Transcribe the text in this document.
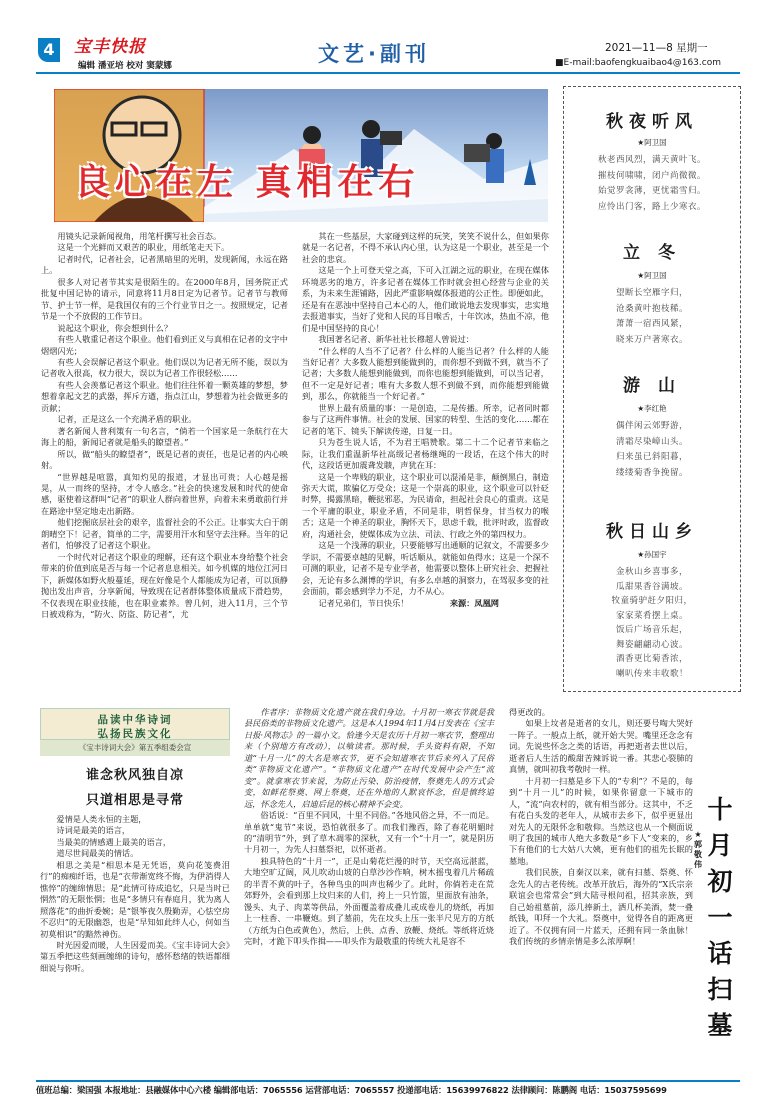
4	宝丰快报
编辑 潘亚培 校对 窦蒙娜	文艺·副刊	2021—11—8 星期一
■E-mail:baofengkuaibao4@163.com
良心在左 真相在右

用镜头记录新闻视角，用笔杆撰写社会百态。

这是一个光鲜而又艰苦的职业，用纸笔走天下。

记者时代，记者社会，记者黑暗里的光明，发现新闻，永远在路上。

很多人对记者节其实是很陌生的。在2000年8月，国务院正式批复中国记协的请示，同意将11月8日定为记者节。记者节与教师节、护士节一样，是我国仅有的三个行业节日之一。按照规定，记者节是一个不放假的工作节日。

说起这个职业，你会想到什么？

有些人敬重记者这个职业。他们看到正义与真相在记者的文字中熠熠闪光；

有些人会误解记者这个职业。他们误以为记者无所不能，误以为记者收入很高，权力很大，误以为记者工作很轻松……

有些人会羡慕记者这个职业。他们往往怀着一颗英雄的梦想，梦想着拿起文艺的武器，挥斥方遒，指点江山，梦想着为社会做更多的贡献；

记者，正是这么一个充满矛盾的职业。

著名新闻人普利策有一句名言，“倘若一个国家是一条航行在大海上的船，新闻记者就是船头的瞭望者。”

所以，做“船头的瞭望者”，既是记者的责任，也是记者的内心映射。

“世界越是喧嚣，真知灼见的报道，才显出可贵；人心越是摇晃，从一而终的坚持，才令人感念。”社会的快速发展和时代的使命感，驱使着这群叫“记者”的职业人群向着世界，向着未来勇敢前行并在路途中坚定地走出新路。

他们挖掘底层社会的艰辛，监督社会的不公正。让事实大白于朗朗晴空下！记者，简单的二字，需要用汗水和坚守去注释。当年的记者们，怕够没了记者这个职业。

一个时代对记者这个职业的理解，还有这个职业本身给整个社会带来的价值到底是否与每一个记者息息相关。如今机媒的地位江河日下，新媒体如野火般蔓延，现在好像是个人都能成为记者，可以顶静抛出发出声音，分享新闻，导致现在记者群体整体质量成下滑趋势，不仅表现在职业技能，也在职业素养。曾几何，进入11月，三个节日被戏称为，“防火、防盗、防记者”，尤

其在一些基层，大家碰到这样的玩笑，笑笑不说什么，但如果你就是一名记者，不得不承认内心里，认为这是一个职业，甚至是一个社会的悲哀。

这是一个上可登天堂之高，下可入江湖之远的职业，在现在媒体环境恶劣的地方，许多记者在媒体工作时就会担心经营与企业的关系，为未来生涯铺路，因此严重影响媒体报道的公正性。即便如此，还是有在恶浊中坚持自己本心的人，他们敢说地去发现事实，忠实地去报道事实，当好了党和人民的耳目喉舌，十年饮冰，热血不凉，他们是中国坚持的良心！

我国著名记者、新华社社长穆超人曾说过：

“什么样的人当不了记者？什么样的人能当记者？什么样的人能当好记者？大多数人能想到能做到的，而你想不到做不到，就当不了记者；大多数人能想到能做到，而你也能想到能做到，可以当记者，但不一定是好记者；唯有大多数人想不到做不到，而你能想到能做到，那么，你就能当一个好记者。”

世界上最有质量的事：一是创造，二是传播。所幸，记者同时都参与了这两件事情。社会的发展、国家的转型、生活的变化……都在记者的笔下、镜头下解读传递，日复一日。

只为苍生说人话，不为君王唱赞歌。第二十二个记者节来临之际，让我们重温新华社高级记者杨继绳的一段话，在这个伟大的时代，这段话更加震聋发聩，声犹在耳：

这是一个卑贱的职业，这个职业可以混淆是非，颠倒黑白，制造弥天大谎，欺骗亿万受众；这是一个崇高的职业，这个职业可以针砭时弊，揭露黑暗，鞭挞邪恶，为民请命，担起社会良心的重责。这是一个平庸的职业，职业矛盾，不同是非，明哲保身，甘当权力的喉舌；这是一个神圣的职业，胸怀天下，思虑千载，批评时政，监督政府，沟通社会，使媒体成为立法、司法、行政之外的第四权力。

这是一个浅薄的职业，只要能够写出通顺的记叙文，不需要多少学识，不需要卓越的见解，听话顺从，就能如鱼得水；这是一个深不可测的职业，记者不是专业学者，他需要以整体上研究社会、把握社会，无论有多么渊博的学识，有多么卓越的洞察力，在驾驭多变的社会面前，都会感到学力不足，力不从心。

记者兄弟们，节日快乐！	来源：凤凰网
秋夜听风
★阿卫国
秋老西风烈，满天黄叶飞。
摧枝何啸啸，闭户尚微微。
始觉罗衾薄，更忧霜雪归。
应怜出门客，路上少寒衣。
立 冬
★阿卫国
望断长空雁字归，
沧桑黄叶抱枝稀。
萧萧一宿西风紧，
晓来万户著寒衣。
游 山
★李红艳
偶伴闲云郊野游，
清霜尽染嶂山头。
归来虽已斜阳暮，
缕缕菊香争挽留。
秋日山乡
★孙国宇
金秋山乡喜事多，
瓜甜果香谷满坡。
牧童骑驴赶夕阳归，
家家菜肴摆上桌。
饭后广场音乐起，
舞姿翩翩动心波。
酒香更比菊香浓，
喇叭传来丰收歌！
品读中华诗词
弘扬民族文化
《宝丰诗词大会》第五季组委会宣
谁念秋风独自凉
只道相思是寻常

爱情是人类永恒的主题，

诗词是最美的语言，

当最美的情感遇上最美的语言，

道尽世间最美的情话。

相思之美是“相思本是无凭语，莫向花笺费泪行”的痴痴纤语，也是“衣带渐宽终不悔，为伊消得人憔悴”的缠绵情思；是“此情可待成追忆，只是当时已惘然”的无限怅惘；也是“多情只有春庭月，犹为离人照落花”的曲折委婉；是“银筝夜久殷勤弄，心怯空房不忍归”的无限幽怨，也是“早知如此绊人心，何如当初莫相识”的黯然神伤。

时光因爱而暖，人生因爱而美。《宝丰诗词大会》第五季把这些刻画缠绵的诗句，感怀愁绪的铁语都细细说与你听。

作者序：非物质文化遗产就在我们身边。十月初一寒衣节就是我县民俗类的非物质文化遗产。这是本人1994年11月4日发表在《宝丰日报·风物志》的一篇小文。恰逢今天是农历十月初一寒衣节，整理出来（个别地方有改动），以飨读者。那时候，手头资料有限，不知道“十月一儿”的大名是寒衣节，更不会知道寒衣节后来列入了民俗类“非物质文化遗产”。“非物质文化遗产”在时代发展中会产生“流变”。就拿寒衣节来说，为防止污染、防治疫情，祭奠先人的方式会变，如鲜花祭奠、网上祭奠，还在外地的人默哀怀念，但是慎终追远，怀念先人，启迪后昆的核心精神不会变。

俗话说：“百里不同风，十里不同俗。”各地风俗之异，不一而足。单单就“鬼节”来说，恐怕就很多了。而我们豫西，除了春花明媚时的“清明节”外，到了草木凋零的深秋，又有一个“十月一”，就是阴历十月初一，为先人扫墓祭祀，以怀逝者。

独具特色的“十月一”，正是山菊花烂漫的时节，天空高远湛蓝，大地空旷辽阔，风儿吹动山坡的白草沙沙作响，树木摇曳着几片稀疏的半青不黄的叶子，各种鸟虫的叫声也稀少了。此时，你倘若走在荒郊野外，会看到那上坟归来的人们，挎上一只竹篮，里面放有油条，馒头、丸子、肉菜等供品，外面覆盖着成叠儿或成卷儿的烧纸，再加上一柱香、一串鞭炮。到了墓前，先在坟头上压一张半尺见方的方纸（方纸为白色或黄色），然后，上供、点香、放鞭、烧纸。等纸将近烧完时，才跪下叩头作揖——叩头作为最敬重的传统大礼是容不

得更改的。

如果上坟者是逝者的女儿，则还要号啕大哭好一阵子。一般点上纸，就开始大哭。嘴里还念念有词。先说些怀念之类的话语，再把逝者去世以后，逝者后人生活的酸甜苦辣诉说一番。其悲心裂肺的真情，就叫初我考敬时一样。

十月初一扫墓是乡下人的“专利”？不是的，每到“十月一儿”的时候，如果你留意一下城市的人，“流”向农村的，就有相当部分。这其中，不乏有花白头发的老年人，从城市去乡下，似乎更显出对先人的无限怀念和敬仰。当然这也从一个侧面说明了我国的城市人绝大多数是“乡下人”变来的，乡下有他们的七大姑八大姨，更有他们的祖先长眠的墓地。

我们民族，自秦汉以来，就有扫墓、祭奠、怀念先人的古老传统。改革开放后，海外的“X氏宗亲联谊会也常常会”到大陆寻根问祖，招其亲族，到自己始祖墓前，添几捧新土，洒几杯美酒，焚一叠纸钱，叩拜一个大礼。祭奠中，觉得各自的距离更近了。不仅拥有同一片蓝天，还拥有同一条血脉！我们传统的乡情亲情是多么浓厚啊！

十
月
初
一
话
扫
墓
★郭敬伟
值班总编：梁国强 本报地址：县融媒体中心六楼 编辑部电话：7065556 运营部电话：7065557 投递部电话：15639976822 法律顾问：陈鹏阁 电话：15037595699
